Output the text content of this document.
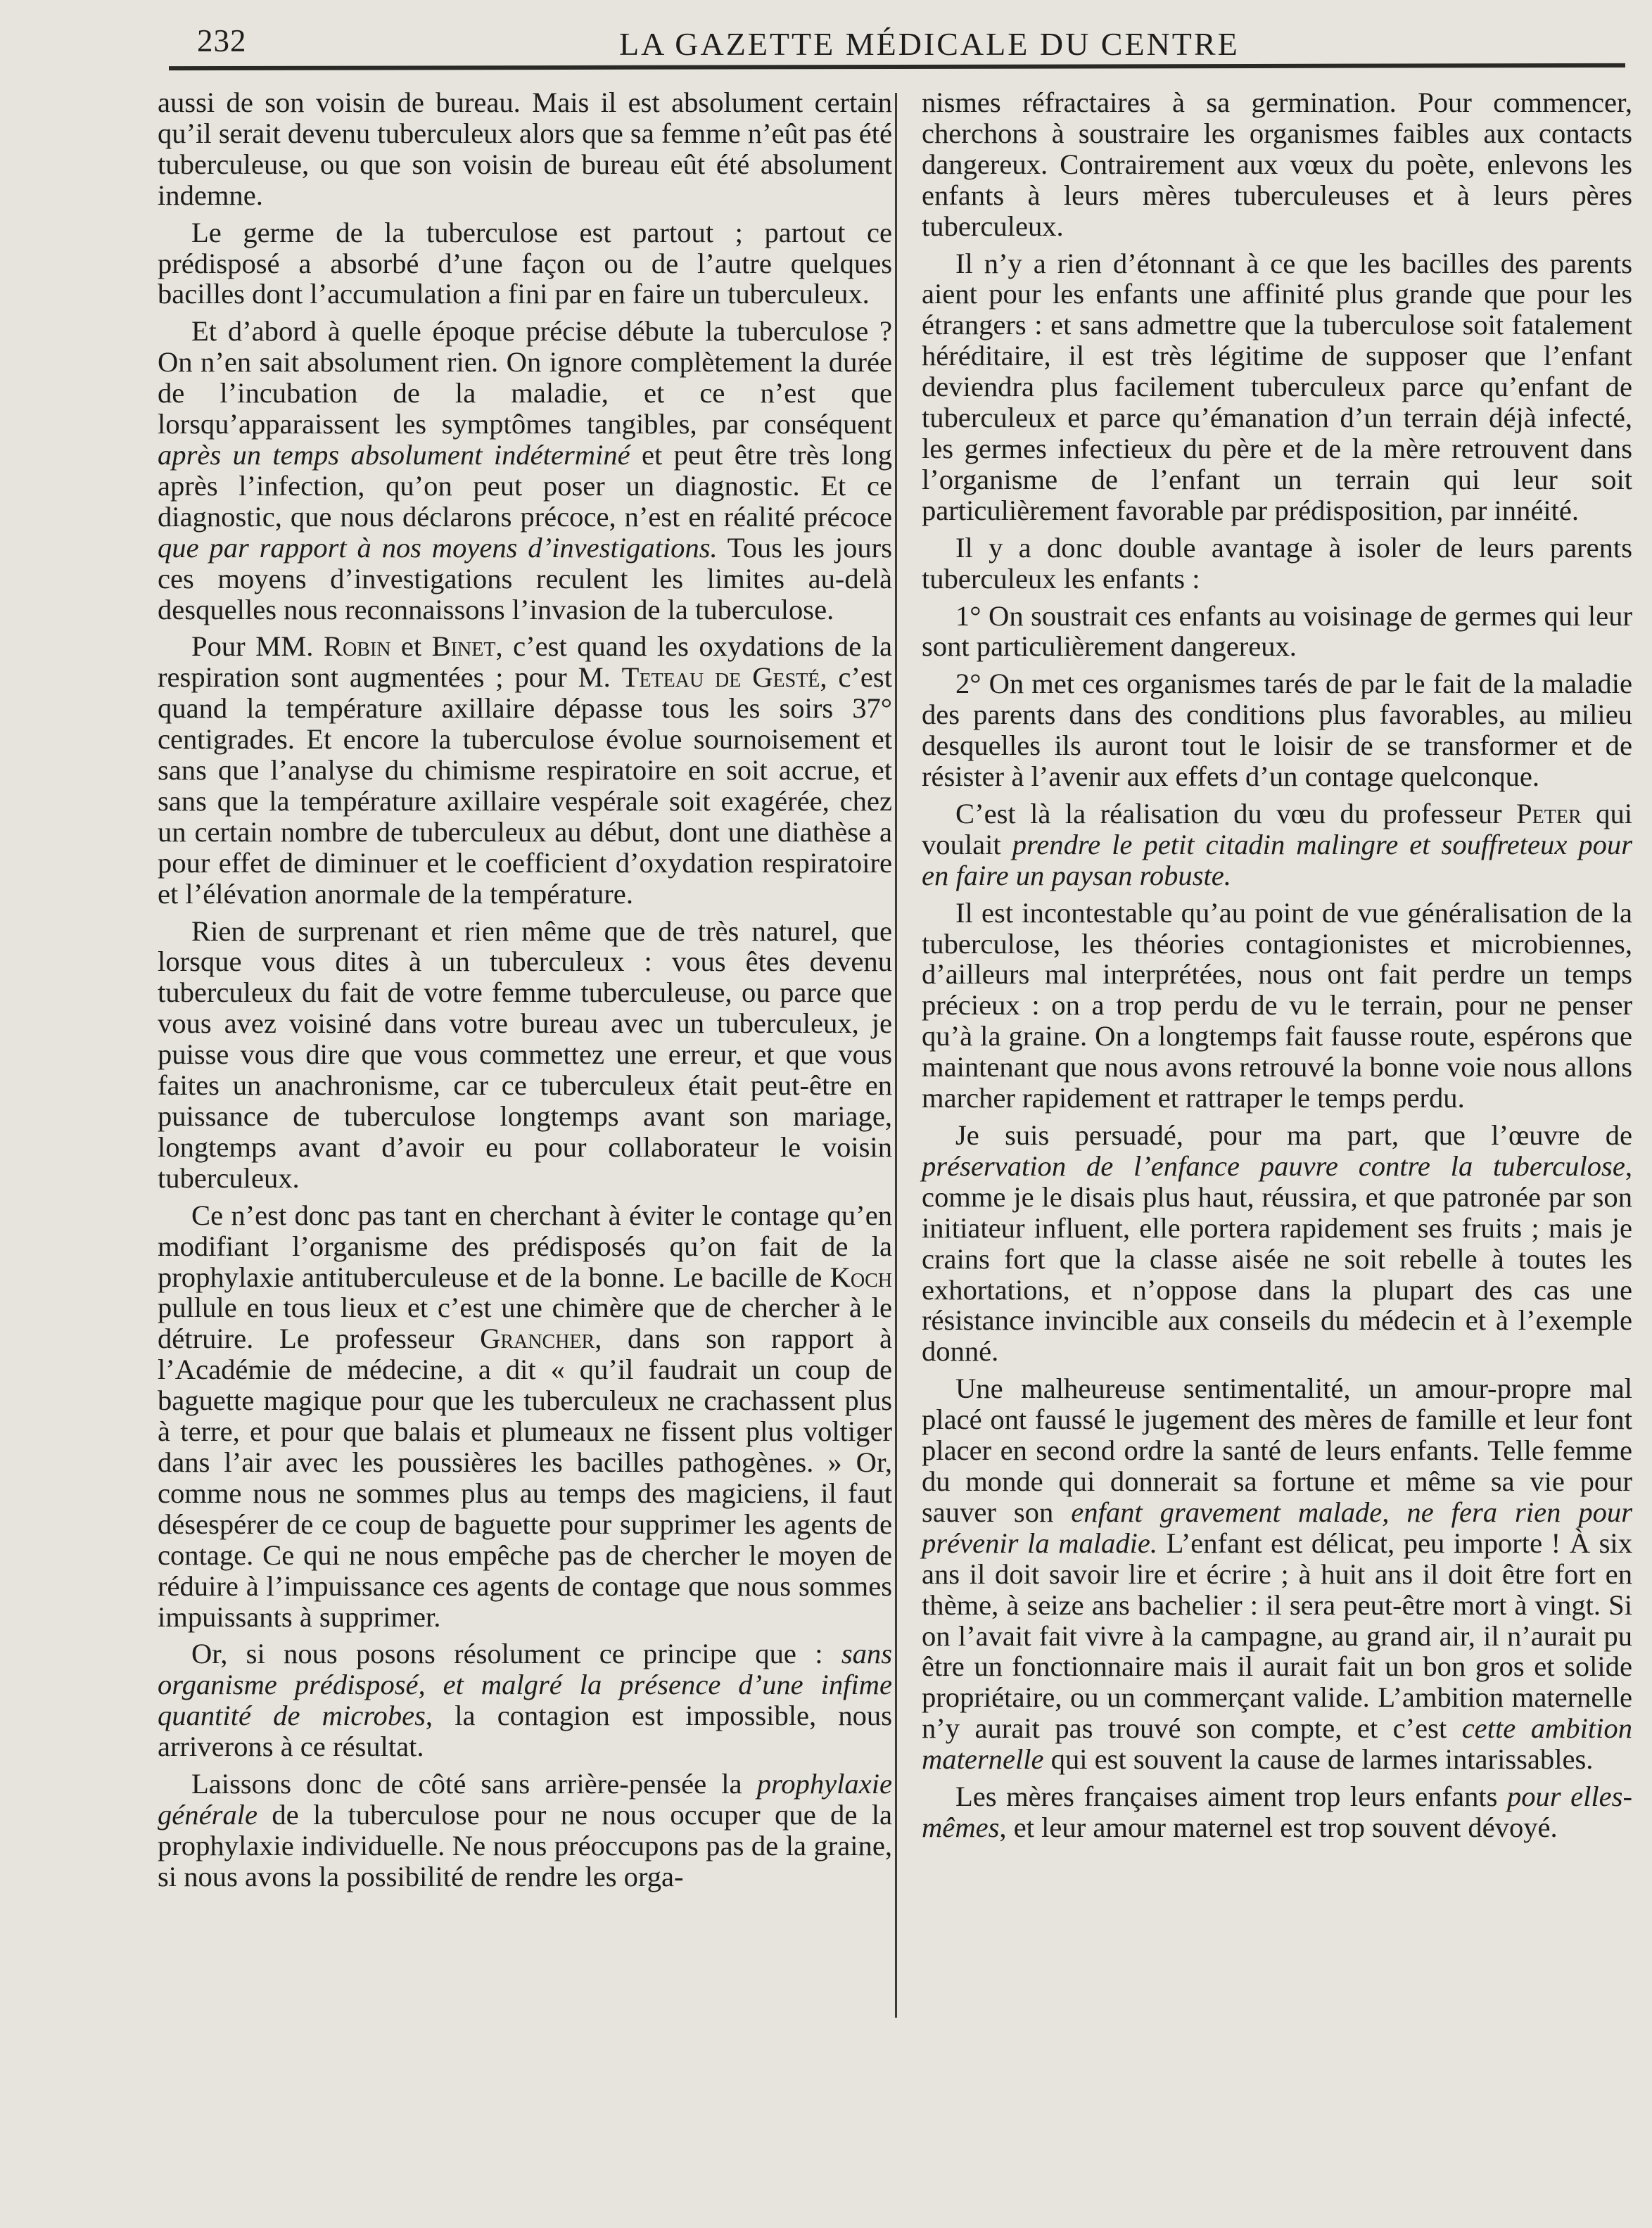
232	LA GAZETTE MÉDICALE DU CENTRE

aussi de son voisin de bureau. Mais il est absolument certain qu’il serait devenu tuberculeux alors que sa femme n’eût pas été tuberculeuse, ou que son voisin de bureau eût été absolument indemne.

Le germe de la tuberculose est partout ; partout ce prédisposé a absorbé d’une façon ou de l’autre quelques bacilles dont l’accumulation a fini par en faire un tuberculeux.

Et d’abord à quelle époque précise débute la tuberculose ? On n’en sait absolument rien. On ignore complètement la durée de l’incubation de la maladie, et ce n’est que lorsqu’apparaissent les symptômes tangibles, par conséquent après un temps absolument indéterminé et peut être très long après l’infection, qu’on peut poser un diagnostic. Et ce diagnostic, que nous déclarons précoce, n’est en réalité précoce que par rapport à nos moyens d’investigations. Tous les jours ces moyens d’investigations reculent les limites au-delà desquelles nous reconnaissons l’invasion de la tuberculose.

Pour MM. Robin et Binet, c’est quand les oxydations de la respiration sont augmentées ; pour M. Teteau de Gesté, c’est quand la température axillaire dépasse tous les soirs 37° centigrades. Et encore la tuberculose évolue sournoisement et sans que l’analyse du chimisme respiratoire en soit accrue, et sans que la température axillaire vespérale soit exagérée, chez un certain nombre de tuberculeux au début, dont une diathèse a pour effet de diminuer et le coefficient d’oxydation respiratoire et l’élévation anormale de la température.

Rien de surprenant et rien même que de très naturel, que lorsque vous dites à un tuberculeux : vous êtes devenu tuberculeux du fait de votre femme tuberculeuse, ou parce que vous avez voisiné dans votre bureau avec un tuberculeux, je puisse vous dire que vous commettez une erreur, et que vous faites un anachronisme, car ce tuberculeux était peut-être en puissance de tuberculose longtemps avant son mariage, longtemps avant d’avoir eu pour collaborateur le voisin tuberculeux.

Ce n’est donc pas tant en cherchant à éviter le contage qu’en modifiant l’organisme des prédisposés qu’on fait de la prophylaxie antituberculeuse et de la bonne. Le bacille de Koch pullule en tous lieux et c’est une chimère que de chercher à le détruire. Le professeur Grancher, dans son rapport à l’Académie de médecine, a dit « qu’il faudrait un coup de baguette magique pour que les tuberculeux ne crachassent plus à terre, et pour que balais et plumeaux ne fissent plus voltiger dans l’air avec les poussières les bacilles pathogènes. » Or, comme nous ne sommes plus au temps des magiciens, il faut désespérer de ce coup de baguette pour supprimer les agents de contage. Ce qui ne nous empêche pas de chercher le moyen de réduire à l’impuissance ces agents de contage que nous sommes impuissants à supprimer.

Or, si nous posons résolument ce principe que : sans organisme prédisposé, et malgré la présence d’une infime quantité de microbes, la contagion est impossible, nous arriverons à ce résultat.

Laissons donc de côté sans arrière-pensée la prophylaxie générale de la tuberculose pour ne nous occuper que de la prophylaxie individuelle. Ne nous préoccupons pas de la graine, si nous avons la possibilité de rendre les orga-

nismes réfractaires à sa germination. Pour commencer, cherchons à soustraire les organismes faibles aux contacts dangereux. Contrairement aux vœux du poète, enlevons les enfants à leurs mères tuberculeuses et à leurs pères tuberculeux.

Il n’y a rien d’étonnant à ce que les bacilles des parents aient pour les enfants une affinité plus grande que pour les étrangers : et sans admettre que la tuberculose soit fatalement héréditaire, il est très légitime de supposer que l’enfant deviendra plus facilement tuberculeux parce qu’enfant de tuberculeux et parce qu’émanation d’un terrain déjà infecté, les germes infectieux du père et de la mère retrouvent dans l’organisme de l’enfant un terrain qui leur soit particulièrement favorable par prédisposition, par innéité.

Il y a donc double avantage à isoler de leurs parents tuberculeux les enfants :

1° On soustrait ces enfants au voisinage de germes qui leur sont particulièrement dangereux.

2° On met ces organismes tarés de par le fait de la maladie des parents dans des conditions plus favorables, au milieu desquelles ils auront tout le loisir de se transformer et de résister à l’avenir aux effets d’un contage quelconque.

C’est là la réalisation du vœu du professeur Peter qui voulait prendre le petit citadin malingre et souffreteux pour en faire un paysan robuste.

Il est incontestable qu’au point de vue généralisation de la tuberculose, les théories contagionistes et microbiennes, d’ailleurs mal interprétées, nous ont fait perdre un temps précieux : on a trop perdu de vu le terrain, pour ne penser qu’à la graine. On a longtemps fait fausse route, espérons que maintenant que nous avons retrouvé la bonne voie nous allons marcher rapidement et rattraper le temps perdu.

Je suis persuadé, pour ma part, que l’œuvre de préservation de l’enfance pauvre contre la tuberculose, comme je le disais plus haut, réussira, et que patronée par son initiateur influent, elle portera rapidement ses fruits ; mais je crains fort que la classe aisée ne soit rebelle à toutes les exhortations, et n’oppose dans la plupart des cas une résistance invincible aux conseils du médecin et à l’exemple donné.

Une malheureuse sentimentalité, un amour-propre mal placé ont faussé le jugement des mères de famille et leur font placer en second ordre la santé de leurs enfants. Telle femme du monde qui donnerait sa fortune et même sa vie pour sauver son enfant gravement malade, ne fera rien pour prévenir la maladie. L’enfant est délicat, peu importe ! À six ans il doit savoir lire et écrire ; à huit ans il doit être fort en thème, à seize ans bachelier : il sera peut-être mort à vingt. Si on l’avait fait vivre à la campagne, au grand air, il n’aurait pu être un fonctionnaire mais il aurait fait un bon gros et solide propriétaire, ou un commerçant valide. L’ambition maternelle n’y aurait pas trouvé son compte, et c’est cette ambition maternelle qui est souvent la cause de larmes intarissables.

Les mères françaises aiment trop leurs enfants pour elles-mêmes, et leur amour maternel est trop souvent dévoyé.
